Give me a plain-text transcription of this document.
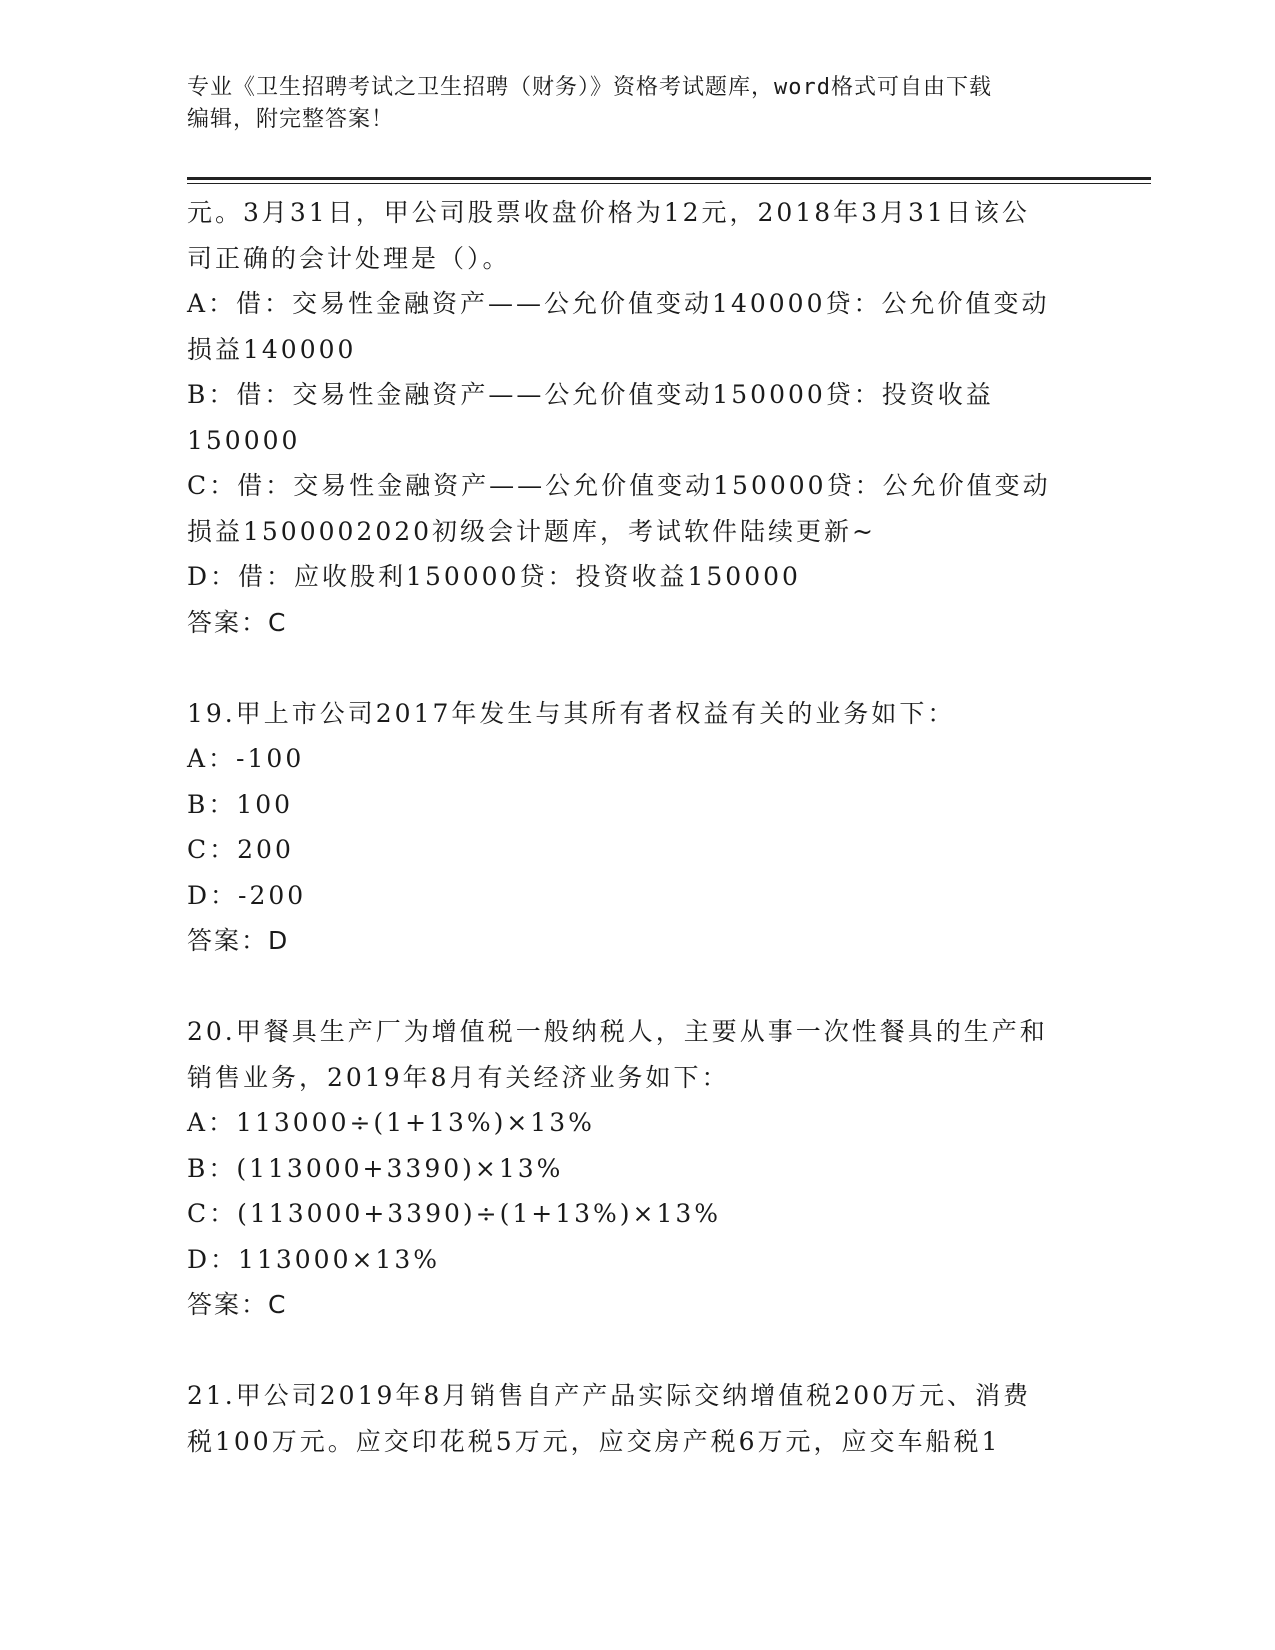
专业《卫生招聘考试之卫生招聘（财务）》资格考试题库，word格式可自由下载
编辑，附完整答案！
元。3月31日，甲公司股票收盘价格为12元，2018年3月31日该公
司正确的会计处理是（）。
A：借：交易性金融资产——公允价值变动140000贷：公允价值变动
损益140000
B：借：交易性金融资产——公允价值变动150000贷：投资收益
150000
C：借：交易性金融资产——公允价值变动150000贷：公允价值变动
损益1500002020初级会计题库，考试软件陆续更新~
D：借：应收股利150000贷：投资收益150000
答案：C
19.甲上市公司2017年发生与其所有者权益有关的业务如下：
A：-100
B：100
C：200
D：-200
答案：D
20.甲餐具生产厂为增值税一般纳税人，主要从事一次性餐具的生产和
销售业务，2019年8月有关经济业务如下：
A：113000÷(1+13%)×13%
B：(113000+3390)×13%
C：(113000+3390)÷(1+13%)×13%
D：113000×13%
答案：C
21.甲公司2019年8月销售自产产品实际交纳增值税200万元、消费
税100万元。应交印花税5万元，应交房产税6万元，应交车船税1
